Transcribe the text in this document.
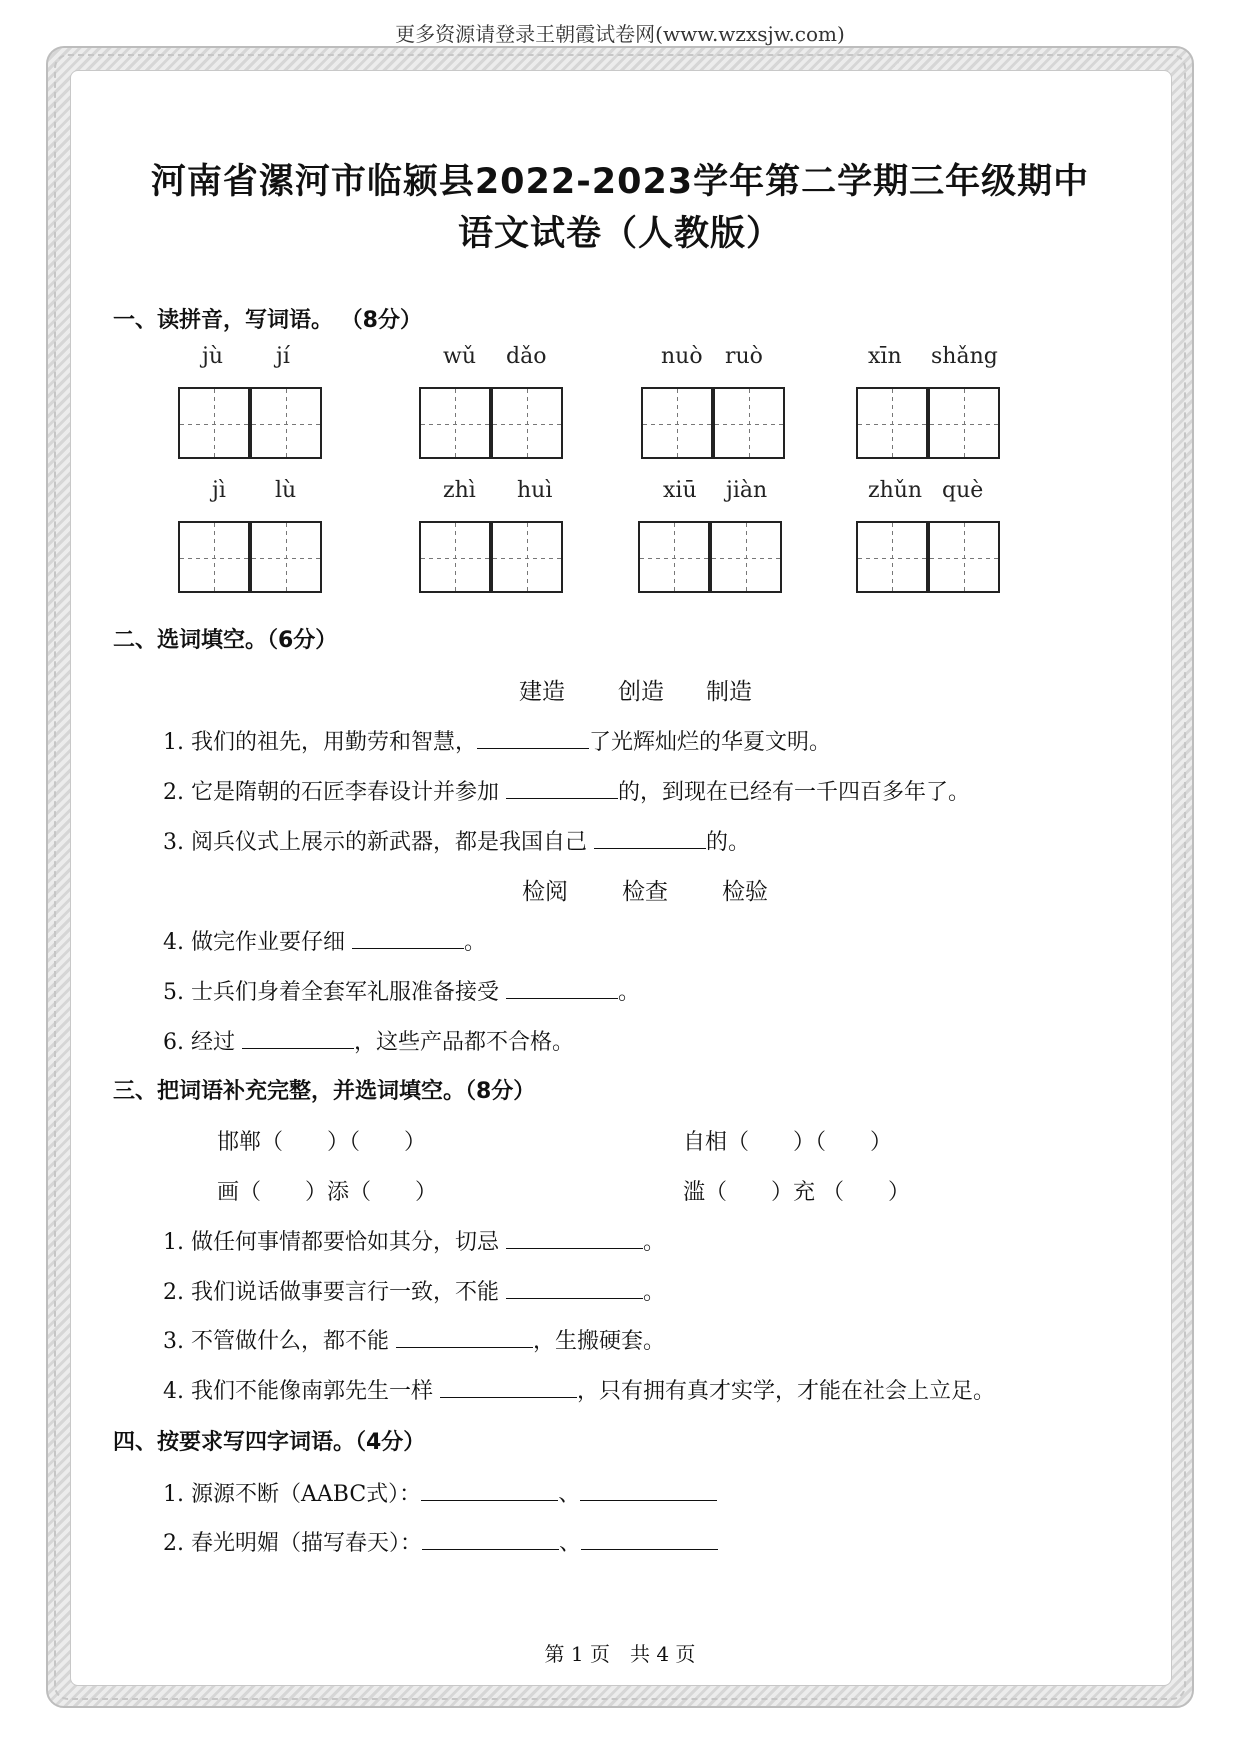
更多资源请登录王朝霞试卷网(www.wzxsjw.com)
河南省漯河市临颍县2022-2023学年第二学期三年级期中
语文试卷（人教版）
一、读拼音，写词语。 （8分）
jù jí	wǔ dǎo	nuò ruò	xīn shǎng
jì lù	zhì huì	xiū jiàn	zhǔn què
二、选词填空。（6分）
建造 创造 制造
1. 我们的祖先，用勤劳和智慧，	了光辉灿烂的华夏文明。
2. 它是隋朝的石匠李春设计并参加	的，到现在已经有一千四百多年了。
3. 阅兵仪式上展示的新武器，都是我国自己	的。
检阅 检查 检验
4. 做完作业要仔细	。
5. 士兵们身着全套军礼服准备接受	。
6. 经过	，这些产品都不合格。
三、把词语补充完整，并选词填空。（8分）
邯郸（　　）（　　）	自相（　　）（　　）
画（　　）添（　　）	滥（　　）充 （　　）
1. 做任何事情都要恰如其分，切忌	。
2. 我们说话做事要言行一致，不能	。
3. 不管做什么，都不能	，生搬硬套。
4. 我们不能像南郭先生一样	，只有拥有真才实学，才能在社会上立足。
四、按要求写四字词语。（4分）
1. 源源不断（AABC式）：	、
2. 春光明媚（描写春天）：	、
第 1 页　共 4 页
